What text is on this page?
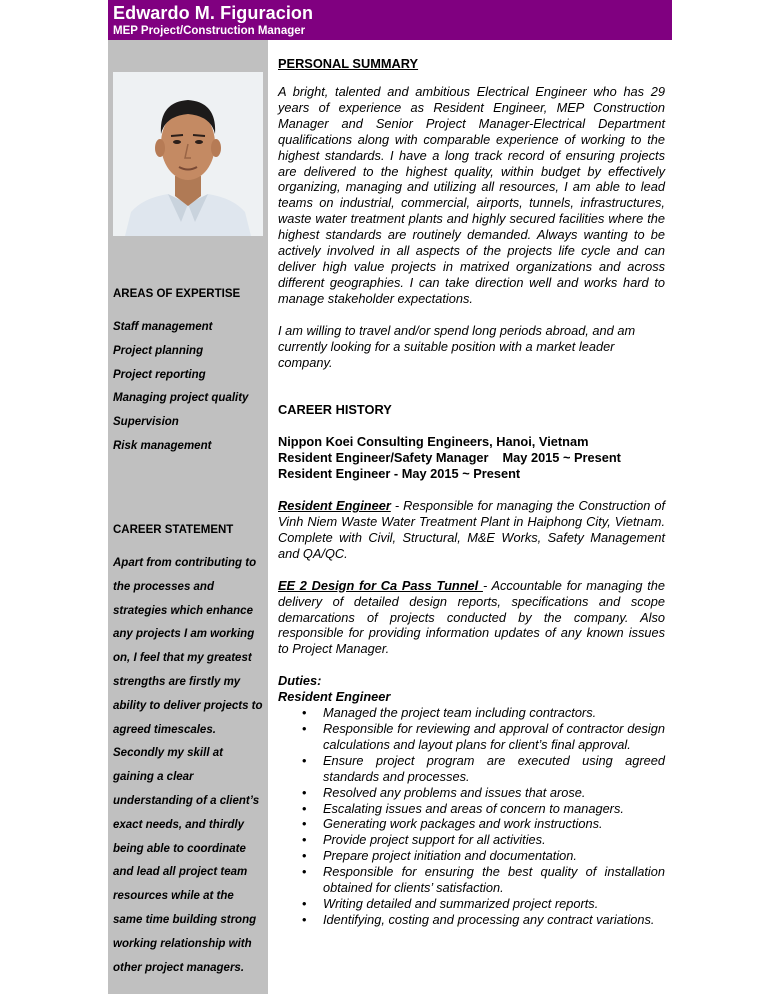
Edwardo M. Figuracion
MEP Project/Construction Manager
AREAS OF EXPERTISE
Staff management
Project planning
Project reporting
Managing project quality
Supervision
Risk management
CAREER STATEMENT

Apart from contributing to
the processes and
strategies which enhance
any projects I am working
on, I feel that my greatest
strengths are firstly my
ability to deliver projects to
agreed timescales.
Secondly my skill at
gaining a clear
understanding of a client’s
exact needs, and thirdly
being able to coordinate
and lead all project team
resources while at the
same time building strong
working relationship with
other project managers.

PERSONAL SUMMARY

A bright, talented and ambitious Electrical Engineer who has 29 years of experience as Resident Engineer, MEP Construction Manager and Senior Project Manager-Electrical Department qualifications along with comparable experience of working to the highest standards. I have a long track record of ensuring projects are delivered to the highest quality, within budget by effectively organizing, managing and utilizing all resources, I am able to lead teams on industrial, commercial, airports, tunnels, infrastructures, waste water treatment plants and highly secured facilities where the highest standards are routinely demanded. Always wanting to be actively involved in all aspects of the projects life cycle and can deliver high value projects in matrixed organizations and across different geographies. I can take direction well and works hard to manage stakeholder expectations.

I am willing to travel and/or spend long periods abroad, and am currently looking for a suitable position with a market leader company.

CAREER HISTORY

Nippon Koei Consulting Engineers, Hanoi, Vietnam

Resident Engineer/Safety Manager May 2015 ~ Present

Resident Engineer - May 2015 ~ Present

Resident Engineer - Responsible for managing the Construction of Vinh Niem Waste Water Treatment Plant in Haiphong City, Vietnam. Complete with Civil, Structural, M&E Works, Safety Management and QA/QC.

EE 2 Design for Ca Pass Tunnel - Accountable for managing the delivery of detailed design reports, specifications and scope demarcations of projects conducted by the company. Also responsible for providing information updates of any known issues to Project Manager.

Duties:

Resident Engineer

• Managed the project team including contractors.
• Responsible for reviewing and approval of contractor design calculations and layout plans for client’s final approval.
• Ensure project program are executed using agreed standards and processes.
• Resolved any problems and issues that arose.
• Escalating issues and areas of concern to managers.
• Generating work packages and work instructions.
• Provide project support for all activities.
• Prepare project initiation and documentation.
• Responsible for ensuring the best quality of installation obtained for clients’ satisfaction.
• Writing detailed and summarized project reports.
• Identifying, costing and processing any contract variations.
